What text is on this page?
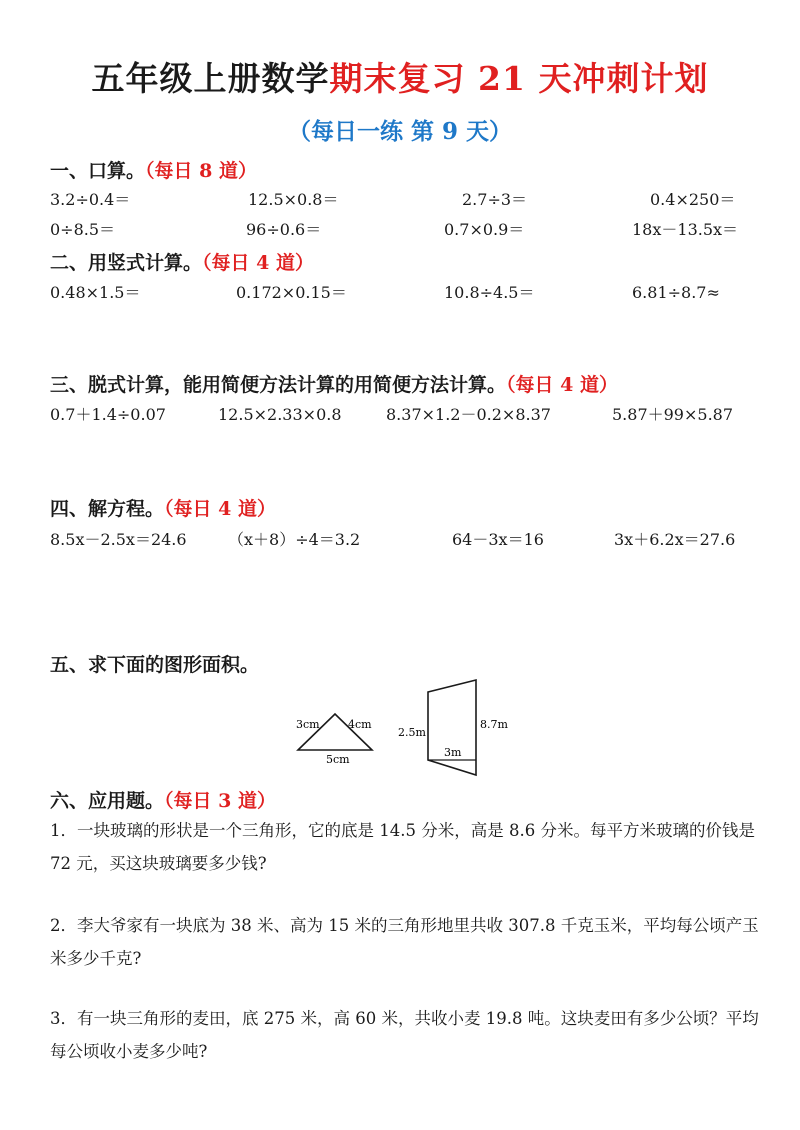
五年级上册数学期末复习 21 天冲刺计划
（每日一练 第 9 天）
一、口算。（每日 8 道）
3.2÷0.4＝	12.5×0.8＝	2.7÷3＝	0.4×250＝
0÷8.5＝	96÷0.6＝	0.7×0.9＝	18x－13.5x＝
二、用竖式计算。（每日 4 道）
0.48×1.5＝	0.172×0.15＝	10.8÷4.5＝	6.81÷8.7≈
三、脱式计算，能用简便方法计算的用简便方法计算。（每日 4 道）
0.7＋1.4÷0.07	12.5×2.33×0.8	8.37×1.2－0.2×8.37	5.87＋99×5.87
四、解方程。（每日 4 道）
8.5x－2.5x＝24.6	（x＋8）÷4＝3.2	64－3x＝16	3x＋6.2x＝27.6
五、求下面的图形面积。
3cm	4cm
5cm
2.5m
8.7m
3m
六、应用题。（每日 3 道）
1．一块玻璃的形状是一个三角形，它的底是 14.5 分米，高是 8.6 分米。每平方米玻璃的价钱是 72 元，买这块玻璃要多少钱?
2．李大爷家有一块底为 38 米、高为 15 米的三角形地里共收 307.8 千克玉米，平均每公顷产玉米多少千克?
3．有一块三角形的麦田，底 275 米，高 60 米，共收小麦 19.8 吨。这块麦田有多少公顷？平均每公顷收小麦多少吨?
